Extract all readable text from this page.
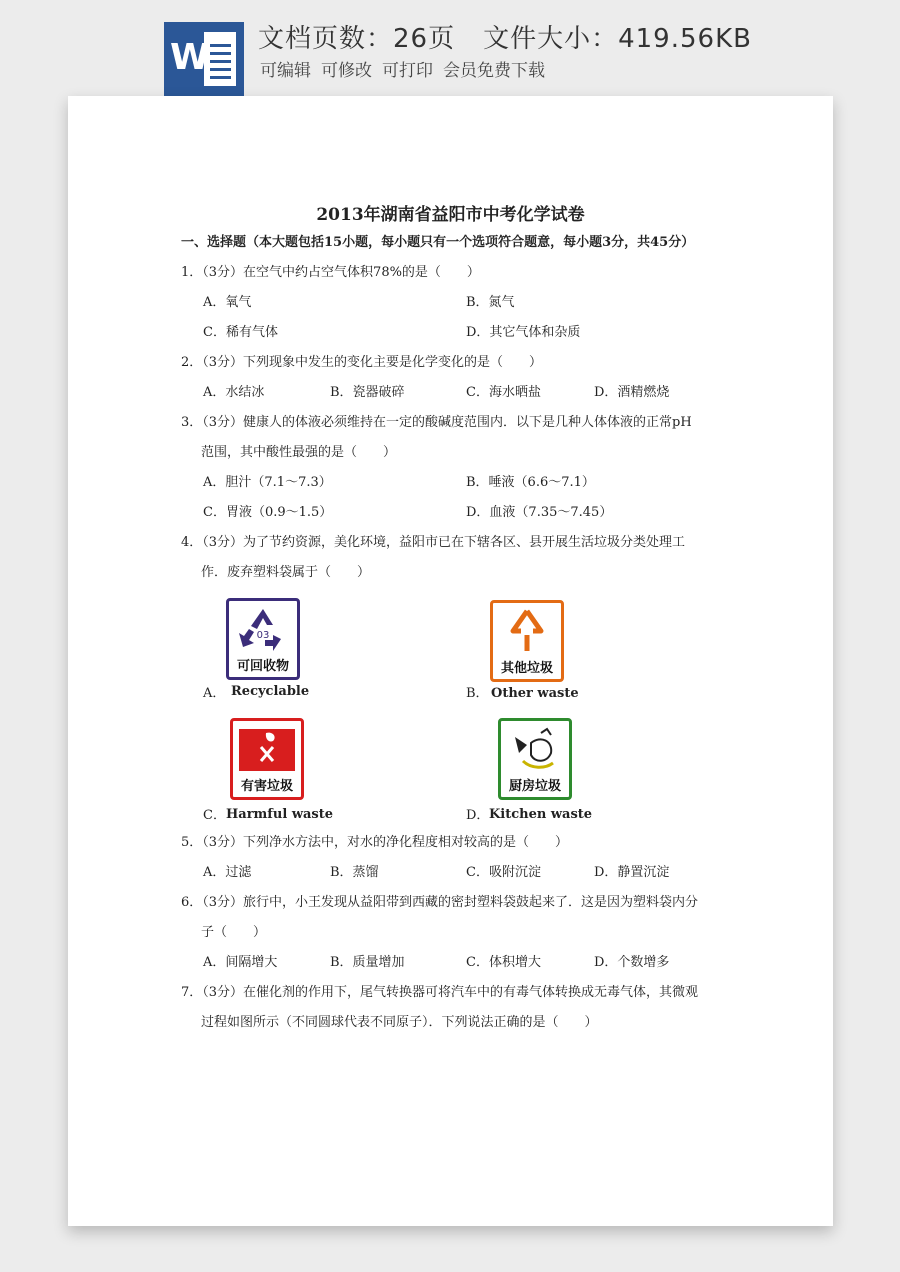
W 文档页数：26页 文件大小：419.56KB
可编辑 可修改 可打印 会员免费下载
2013年湖南省益阳市中考化学试卷
一、选择题（本大题包括15小题，每小题只有一个选项符合题意，每小题3分，共45分）
1．（3分）在空气中约占空气体积78%的是（　　）
A．氧气	B．氮气
C．稀有气体	D．其它气体和杂质
2．（3分）下列现象中发生的变化主要是化学变化的是（　　）
A．水结冰	B．瓷器破碎	C．海水晒盐	D．酒精燃烧
3．（3分）健康人的体液必须维持在一定的酸碱度范围内．以下是几种人体体液的正常pH
范围，其中酸性最强的是（　　）
A．胆汁（7.1～7.3）	B．唾液（6.6～7.1）
C．胃液（0.9～1.5）	D．血液（7.35～7.45）
4．（3分）为了节约资源，美化环境，益阳市已在下辖各区、县开展生活垃圾分类处理工
作．废弃塑料袋属于（　　）
03
可回收物
A． Recyclable
其他垃圾
B． Other waste
有害垃圾
C． Harmful waste
厨房垃圾
D． Kitchen waste
5．（3分）下列净水方法中，对水的净化程度相对较高的是（　　）
A．过滤	B．蒸馏	C．吸附沉淀	D．静置沉淀
6．（3分）旅行中，小王发现从益阳带到西藏的密封塑料袋鼓起来了．这是因为塑料袋内分
子（　　）
A．间隔增大	B．质量增加	C．体积增大	D．个数增多
7．（3分）在催化剂的作用下，尾气转换器可将汽车中的有毒气体转换成无毒气体，其微观
过程如图所示（不同圆球代表不同原子）．下列说法正确的是（　　）
